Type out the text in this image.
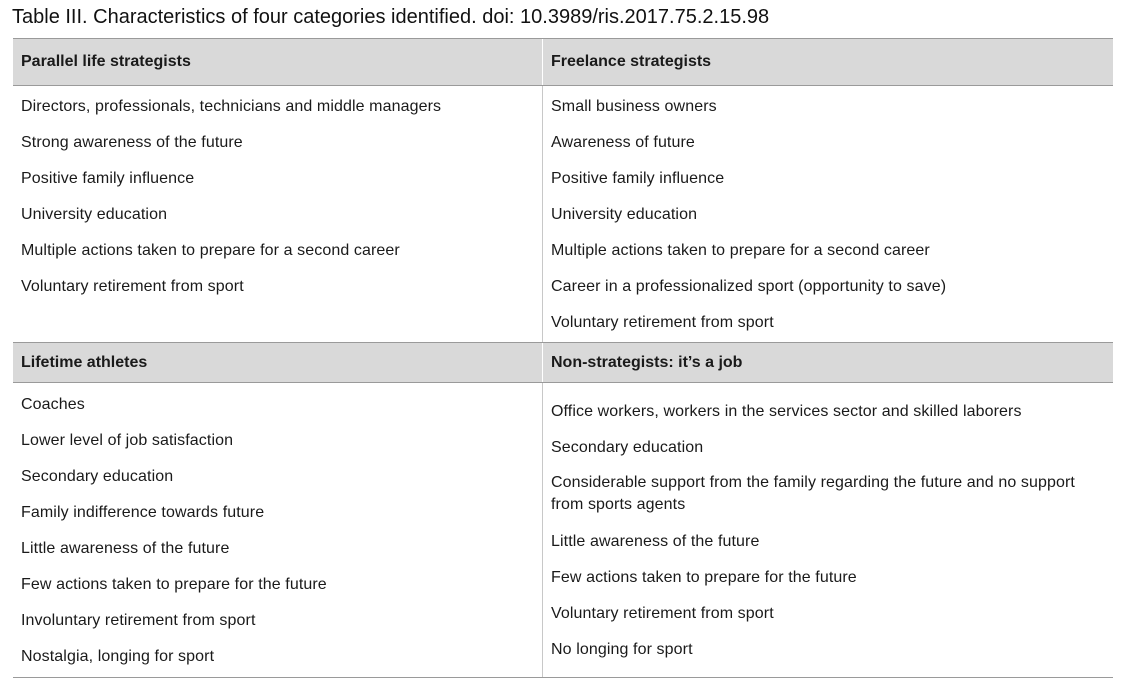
Table III. Characteristics of four categories identified. doi: 10.3989/ris.2017.75.2.15.98
Parallel life strategists	Freelance strategists
Directors, professionals, technicians and middle managers
Strong awareness of the future
Positive family influence
University education
Multiple actions taken to prepare for a second career
Voluntary retirement from sport
Small business owners
Awareness of future
Positive family influence
University education
Multiple actions taken to prepare for a second career
Career in a professionalized sport (opportunity to save)
Voluntary retirement from sport
Lifetime athletes	Non-strategists: it’s a job
Coaches
Lower level of job satisfaction
Secondary education
Family indifference towards future
Little awareness of the future
Few actions taken to prepare for the future
Involuntary retirement from sport
Nostalgia, longing for sport
Office workers, workers in the services sector and skilled laborers
Secondary education
Considerable support from the family regarding the future and no support from sports agents
Little awareness of the future
Few actions taken to prepare for the future
Voluntary retirement from sport
No longing for sport
